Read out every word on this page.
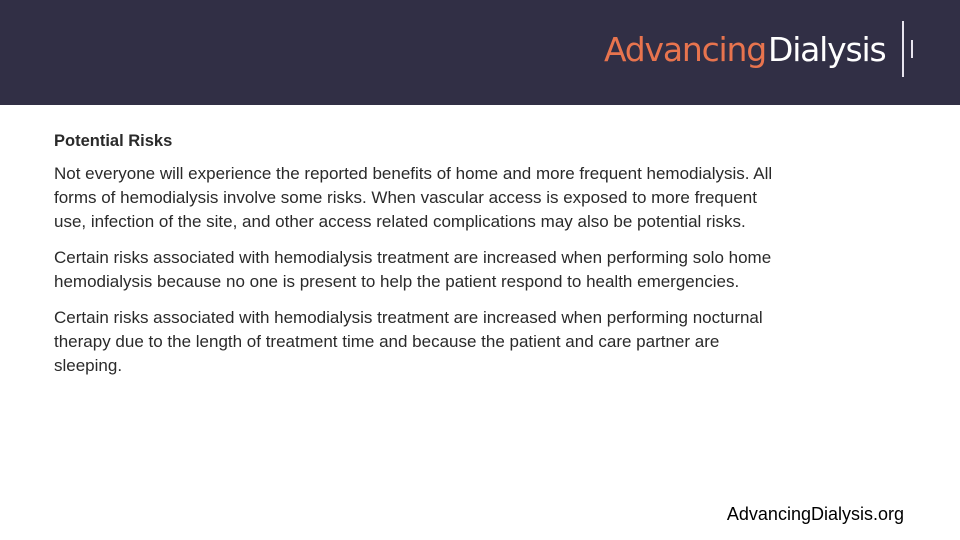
Advancing Dialysis

Potential Risks

Not everyone will experience the reported benefits of home and more frequent hemodialysis. All forms of hemodialysis involve some risks. When vascular access is exposed to more frequent use, infection of the site, and other access related complications may also be potential risks.

Certain risks associated with hemodialysis treatment are increased when performing solo home hemodialysis because no one is present to help the patient respond to health emergencies.

Certain risks associated with hemodialysis treatment are increased when performing nocturnal therapy due to the length of treatment time and because the patient and care partner are sleeping.

AdvancingDialysis.org
